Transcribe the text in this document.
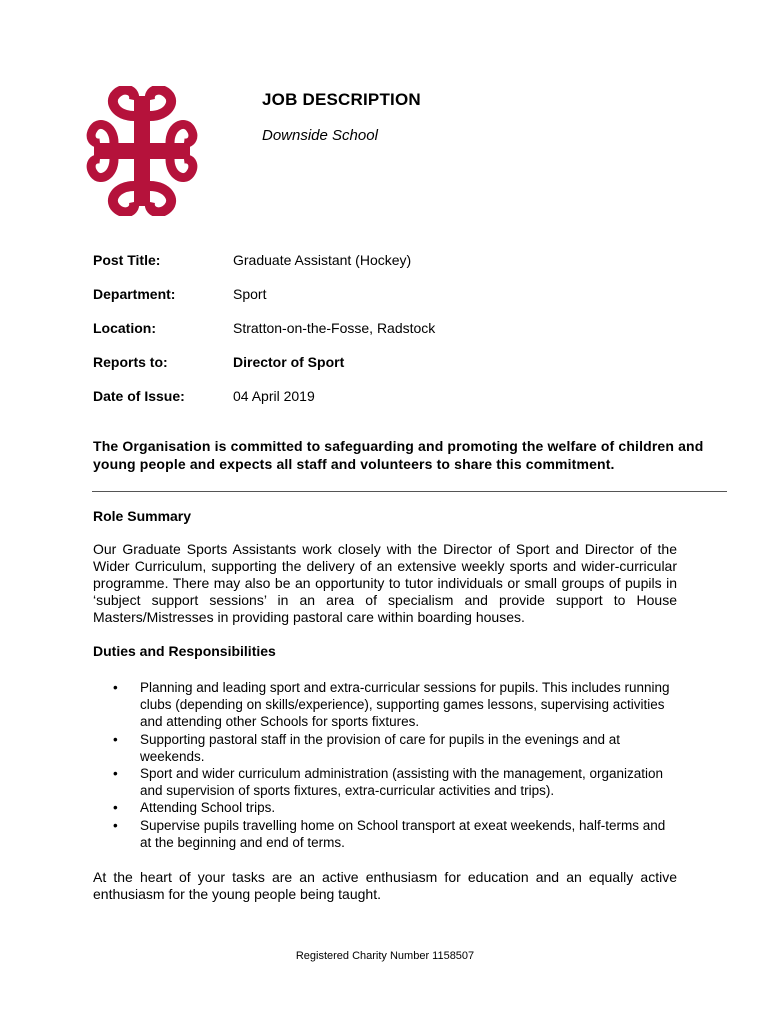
JOB DESCRIPTION
Downside School
Post Title:	Graduate Assistant (Hockey)
Department:	Sport
Location:	Stratton-on-the-Fosse, Radstock
Reports to:	Director of Sport
Date of Issue:	04 April 2019
The Organisation is committed to safeguarding and promoting the welfare of children and young people and expects all staff and volunteers to share this commitment.
Role Summary
Our Graduate Sports Assistants work closely with the Director of Sport and Director of the Wider Curriculum, supporting the delivery of an extensive weekly sports and wider-curricular programme. There may also be an opportunity to tutor individuals or small groups of pupils in ‘subject support sessions’ in an area of specialism and provide support to House Masters/Mistresses in providing pastoral care within boarding houses.
Duties and Responsibilities
• Planning and leading sport and extra-curricular sessions for pupils. This includes running clubs (depending on skills/experience), supporting games lessons, supervising activities and attending other Schools for sports fixtures.
• Supporting pastoral staff in the provision of care for pupils in the evenings and at weekends.
• Sport and wider curriculum administration (assisting with the management, organization and supervision of sports fixtures, extra-curricular activities and trips).
• Attending School trips.
• Supervise pupils travelling home on School transport at exeat weekends, half-terms and at the beginning and end of terms.
At the heart of your tasks are an active enthusiasm for education and an equally active enthusiasm for the young people being taught.
Registered Charity Number 1158507
